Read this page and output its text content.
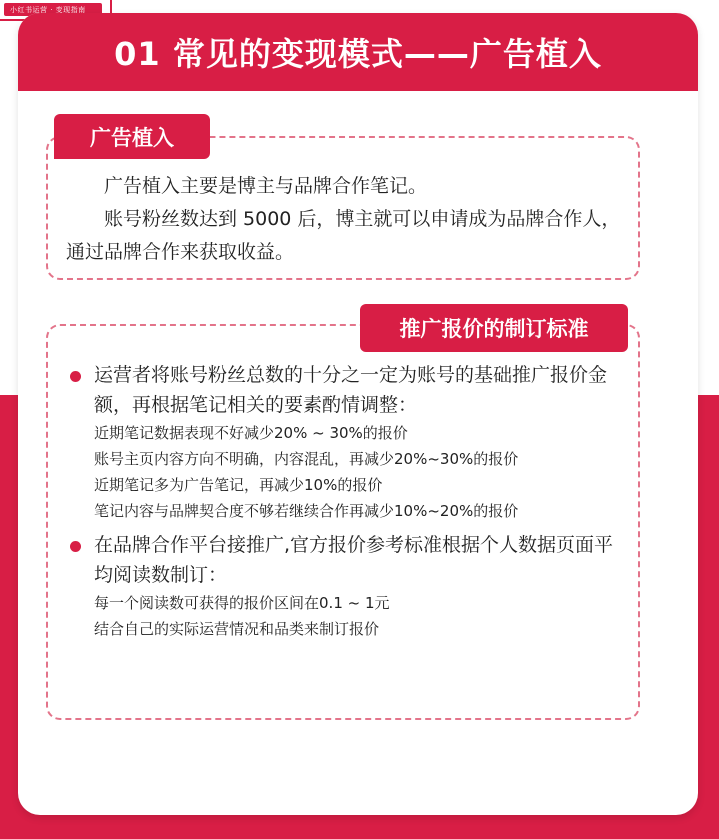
小红书运营 · 变现指南
01 常见的变现模式——广告植入
广告植入

广告植入主要是博主与品牌合作笔记。

账号粉丝数达到 5000 后，博主就可以申请成为品牌合作人，通过品牌合作来获取收益。

推广报价的制订标准
运营者将账号粉丝总数的十分之一定为账号的基础推广报价金额，再根据笔记相关的要素酌情调整：
近期笔记数据表现不好减少20% ~ 30%的报价
账号主页内容方向不明确，内容混乱，再减少20%~30%的报价
近期笔记多为广告笔记，再减少10%的报价
笔记内容与品牌契合度不够若继续合作再减少10%~20%的报价
在品牌合作平台接推广,官方报价参考标准根据个人数据页面平均阅读数制订：
每一个阅读数可获得的报价区间在0.1 ~ 1元
结合自己的实际运营情况和品类来制订报价
